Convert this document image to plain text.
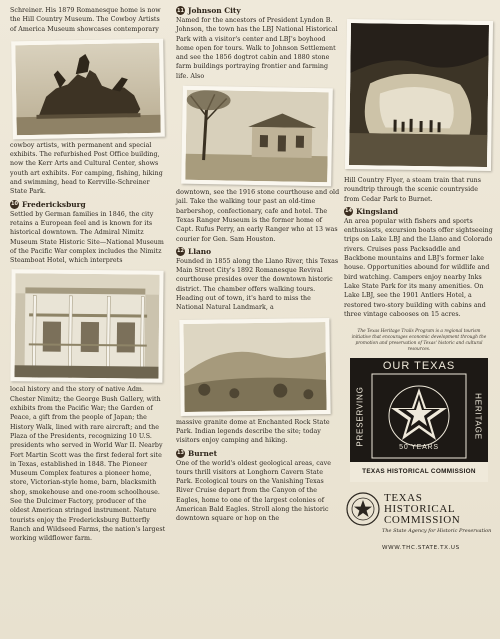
Schreiner. His 1879 Romanesque home is now the Hill Country Museum. The Cowboy Artists of America Museum showcases contemporary

cowboy artists, with permanent and special exhibits. The refurbished Post Office building, now the Kerr Arts and Cultural Center, shows youth art exhibits. For camping, fishing, hiking and swimming, head to Kerrville-Schreiner State Park.

10 Fredericksburg

Settled by German families in 1846, the city retains a European feel and is known for its historical downtown. The Admiral Nimitz Museum State Historic Site—National Museum of the Pacific War complex includes the Nimitz Steamboat Hotel, which interprets

local history and the story of native Adm. Chester Nimitz; the George Bush Gallery, with exhibits from the Pacific War; the Garden of Peace, a gift from the people of Japan; the History Walk, lined with rare aircraft; and the Plaza of the Presidents, recognizing 10 U.S. presidents who served in World War II. Nearby Fort Martin Scott was the first federal fort site in Texas, established in 1848. The Pioneer Museum Complex features a pioneer home, store, Victorian-style home, barn, blacksmith shop, smokehouse and one-room schoolhouse. See the Dulcimer Factory, producer of the oldest American stringed instrument. Nature tourists enjoy the Fredericksburg Butterfly Ranch and Wildseed Farms, the nation's largest working wildflower farm.

11 Johnson City

Named for the ancestors of President Lyndon B. Johnson, the town has the LBJ National Historical Park with a visitor's center and LBJ's boyhood home open for tours. Walk to Johnson Settlement and see the 1856 dogtrot cabin and 1880 stone farm buildings portraying frontier and farming life. Also

downtown, see the 1916 stone courthouse and old jail. Take the walking tour past an old-time barbershop, confectionary, cafe and hotel. The Texas Ranger Museum is the former home of Capt. Rufus Perry, an early Ranger who at 13 was courier for Gen. Sam Houston.

12 Llano

Founded in 1855 along the Llano River, this Texas Main Street City's 1892 Romanesque Revival courthouse presides over the downtown historic district. The chamber offers walking tours. Heading out of town, it's hard to miss the National Natural Landmark, a

massive granite dome at Enchanted Rock State Park. Indian legends describe the site; today visitors enjoy camping and hiking.

13 Burnet

One of the world's oldest geological areas, cave tours thrill visitors at Longhorn Cavern State Park. Ecological tours on the Vanishing Texas River Cruise depart from the Canyon of the Eagles, home to one of the largest colonies of American Bald Eagles. Stroll along the historic downtown square or hop on the

Hill Country Flyer, a steam train that runs roundtrip through the scenic countryside from Cedar Park to Burnet.

14 Kingsland

An area popular with fishers and sports enthusiasts, excursion boats offer sightseeing trips on Lake LBJ and the Llano and Colorado rivers. Cruises pass Packsaddle and Backbone mountains and LBJ's former lake house. Opportunities abound for wildlife and bird watching. Campers enjoy nearby Inks Lake State Park for its many amenities. On Lake LBJ, see the 1901 Antlers Hotel, a restored two-story building with cabins and three vintage cabooses on 15 acres.

The Texas Heritage Trails Program is a regional tourism initiative that encourages economic development through the promotion and preservation of Texas' historic and cultural resources.

OUR TEXAS
PRESERVING	HERITAGE
50 YEARS
TEXAS HISTORICAL COMMISSION
TEXAS
HISTORICAL
COMMISSION
The State Agency for Historic Preservation
WWW.THC.STATE.TX.US
